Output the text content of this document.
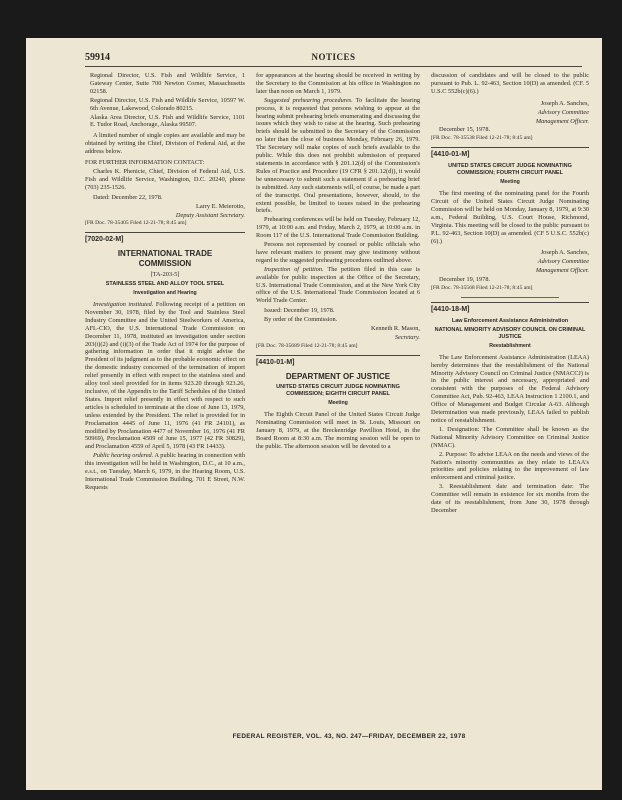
59914	NOTICES

Regional Director, U.S. Fish and Wildlife Service, 1 Gateway Center, Suite 700 Newton Corner, Massachusetts 02158.

Regional Director, U.S. Fish and Wildlife Service, 10597 W. 6th Avenue, Lakewood, Colorado 80215.

Alaska Area Director, U.S. Fish and Wildlife Service, 1101 E. Tudor Road, Anchorage, Alaska 99507.

A limited number of single copies are available and may be obtained by writing the Chief, Division of Federal Aid, at the address below.

FOR FURTHER INFORMATION CONTACT:

Charles K. Phenicie, Chief, Division of Federal Aid, U.S. Fish and Wildlife Service, Washington, D.C. 20240, phone (703) 235-1526.

Dated: December 22, 1978.

Larry E. Meierotto,

Deputy Assistant Secretary.

[FR Doc. 78-35405 Filed 12-21-78; 8:45 am]

[7020-02-M]
INTERNATIONAL TRADE COMMISSION
[TA-203-5]
STAINLESS STEEL AND ALLOY TOOL STEEL
Investigation and Hearing

Investigation instituted. Following receipt of a petition on November 30, 1978, filed by the Tool and Stainless Steel Industry Committee and the United Steelworkers of America, AFL-CIO, the U.S. International Trade Commission on December 11, 1978, instituted an investigation under section 203(i)(2) and (i)(3) of the Trade Act of 1974 for the purpose of gathering information in order that it might advise the President of its judgment as to the probable economic effect on the domestic industry concerned of the termination of import relief presently in effect with respect to the stainless steel and alloy tool steel provided for in items 923.20 through 923.26, inclusive, of the Appendix to the Tariff Schedules of the United States. Import relief presently in effect with respect to such articles is scheduled to terminate at the close of June 13, 1979, unless extended by the President. The relief is provided for in Proclamation 4445 of June 11, 1976 (41 FR 24101), as modified by Proclamation 4477 of November 16, 1976 (41 FR 50969), Proclamation 4509 of June 15, 1977 (42 FR 30829), and Proclamation 4559 of April 5, 1978 (43 FR 14433).

Public hearing ordered. A public hearing in connection with this investigation will be held in Washington, D.C., at 10 a.m., e.s.t., on Tuesday, March 6, 1979, in the Hearing Room, U.S. International Trade Commission Building, 701 E Street, N.W. Requests

for appearances at the hearing should be received in writing by the Secretary to the Commission at his office in Washington no later than noon on March 1, 1979.

Suggested prehearing procedures. To facilitate the hearing process, it is requested that persons wishing to appear at the hearing submit prehearing briefs enumerating and discussing the issues which they wish to raise at the hearing. Such prehearing briefs should be submitted to the Secretary of the Commission no later than the close of business Monday, February 26, 1979. The Secretary will make copies of such briefs available to the public. While this does not prohibit submission of prepared statements in accordance with § 201.12(d) of the Commission's Rules of Practice and Procedure (19 CFR § 201.12(d)), it would be unnecessary to submit such a statement if a prehearing brief is submitted. Any such statements will, of course, be made a part of the transcript. Oral presentations, however, should, to the extent possible, be limited to issues raised in the prehearing briefs.

Prehearing conferences will be held on Tuesday, February 12, 1979, at 10:00 a.m. and Friday, March 2, 1979, at 10:00 a.m. in Room 117 of the U.S. International Trade Commission Building.

Persons not represented by counsel or public officials who have relevant matters to present may give testimony without regard to the suggested prehearing procedures outlined above.

Inspection of petition. The petition filed in this case is available for public inspection at the Office of the Secretary, U.S. International Trade Commission, and at the New York City office of the U.S. International Trade Commission located at 6 World Trade Center.

Issued: December 19, 1978.

By order of the Commission.

Kenneth R. Mason,

Secretary.

[FR Doc. 78-35689 Filed 12-21-78; 8:45 am]

[4410-01-M]
DEPARTMENT OF JUSTICE
UNITED STATES CIRCUIT JUDGE NOMINATING COMMISSION; EIGHTH CIRCUIT PANEL
Meeting

The Eighth Circuit Panel of the United States Circuit Judge Nominating Commission will meet in St. Louis, Missouri on January 8, 1979, at the Breckenridge Pavillion Hotel, in the Board Room at 8:30 a.m. The morning session will be open to the public. The afternoon session will be devoted to a

discussion of candidates and will be closed to the public pursuant to Pub. L. 92-463, Section 10(D) as amended. (CF. 5 U.S.C 552b(c)(6).)

Joseph A. Sanches,

Advisory Committee

Management Officer.

December 15, 1978.

[FR Doc. 78-35538 Filed 12-21-78; 8:45 am]

[4410-01-M]
UNITED STATES CIRCUIT JUDGE NOMINATING COMMISSION; FOURTH CIRCUIT PANEL
Meeting

The first meeting of the nominating panel for the Fourth Circuit of the United States Circuit Judge Nominating Commission will be held on Monday, January 8, 1979, at 9:30 a.m., Federal Building, U.S. Court House, Richmond, Virginia. This meeting will be closed to the public pursuant to P.L. 92-463, Section 10(D) as amended. (CF 5 U.S.C. 552b(c)(6).)

Joseph A. Sanches,

Advisory Committee

Management Officer.

December 19, 1978.

[FR Doc. 78-35568 Filed 12-21-78; 8:45 am]

[4410-18-M]
Law Enforcement Assistance Administration
NATIONAL MINORITY ADVISORY COUNCIL ON CRIMINAL JUSTICE
Reestablishment

The Law Enforcement Assistance Administration (LEAA) hereby determines that the reestablishment of the National Minority Advisory Council on Criminal Justice (NMACCJ) is in the public interest and necessary, appropriated and consistent with the purposes of the Federal Advisory Committee Act, Pub. 92-463, LEAA Instruction 1 2100.1, and Office of Management and Budget Circular A-63. Although Determination was made previously, LEAA failed to publish notice of reestablishment.

1. Designation: The Committee shall be known as the National Minority Advisory Committee on Criminal Justice (NMAC).

2. Purpose: To advise LEAA on the needs and views of the Nation's minority communities as they relate to LEAA's priorities and policies relating to the improvement of law enforcement and criminal justice.

3. Reestablishment date and termination date: The Committee will remain in existence for six months from the date of its reestablishment, from June 30, 1978 through December

FEDERAL REGISTER, VOL. 43, NO. 247—FRIDAY, DECEMBER 22, 1978
